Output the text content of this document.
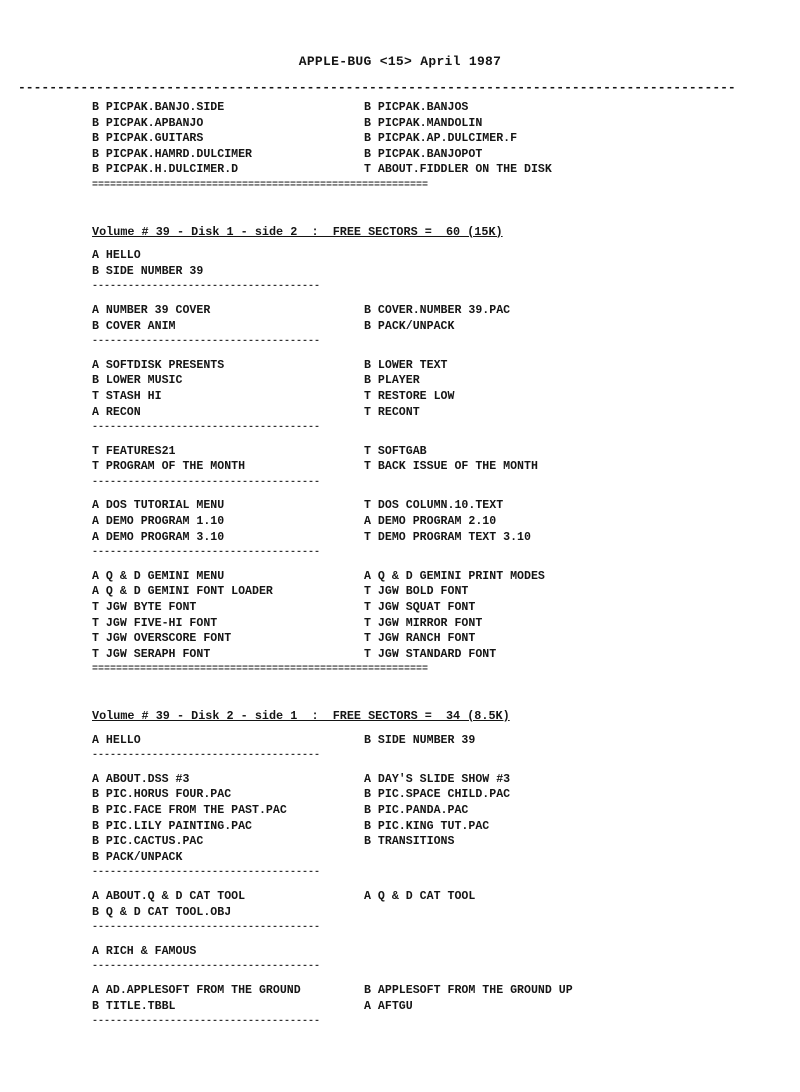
APPLE-BUG <15> April 1987
--------------------------------------------------------------------------------------------
B PICPAK.BANJO.SIDE	B PICPAK.BANJOS
B PICPAK.APBANJO	B PICPAK.MANDOLIN
B PICPAK.GUITARS	B PICPAK.AP.DULCIMER.F
B PICPAK.HAMRD.DULCIMER	B PICPAK.BANJOPOT
B PICPAK.H.DULCIMER.D	T ABOUT.FIDDLER ON THE DISK
========================================================
Volume # 39 - Disk 1 - side 2  :  FREE SECTORS =  60 (15K)
A HELLO
B SIDE NUMBER 39
--------------------------------------
A NUMBER 39 COVER	B COVER.NUMBER 39.PAC
B COVER ANIM	B PACK/UNPACK
--------------------------------------
A SOFTDISK PRESENTS	B LOWER TEXT
B LOWER MUSIC	B PLAYER
T STASH HI	T RESTORE LOW
A RECON	T RECONT
--------------------------------------
T FEATURES21	T SOFTGAB
T PROGRAM OF THE MONTH	T BACK ISSUE OF THE MONTH
--------------------------------------
A DOS TUTORIAL MENU	T DOS COLUMN.10.TEXT
A DEMO PROGRAM 1.10	A DEMO PROGRAM 2.10
A DEMO PROGRAM 3.10	T DEMO PROGRAM TEXT 3.10
--------------------------------------
A Q & D GEMINI MENU	A Q & D GEMINI PRINT MODES
A Q & D GEMINI FONT LOADER	T JGW BOLD FONT
T JGW BYTE FONT	T JGW SQUAT FONT
T JGW FIVE-HI FONT	T JGW MIRROR FONT
T JGW OVERSCORE FONT	T JGW RANCH FONT
T JGW SERAPH FONT	T JGW STANDARD FONT
========================================================
Volume # 39 - Disk 2 - side 1  :  FREE SECTORS =  34 (8.5K)
A HELLO	B SIDE NUMBER 39
--------------------------------------
A ABOUT.DSS #3	A DAY'S SLIDE SHOW #3
B PIC.HORUS FOUR.PAC	B PIC.SPACE CHILD.PAC
B PIC.FACE FROM THE PAST.PAC	B PIC.PANDA.PAC
B PIC.LILY PAINTING.PAC	B PIC.KING TUT.PAC
B PIC.CACTUS.PAC	B TRANSITIONS
B PACK/UNPACK
--------------------------------------
A ABOUT.Q & D CAT TOOL	A Q & D CAT TOOL
B Q & D CAT TOOL.OBJ
--------------------------------------
A RICH & FAMOUS
--------------------------------------
A AD.APPLESOFT FROM THE GROUND	B APPLESOFT FROM THE GROUND UP
B TITLE.TBBL	A AFTGU
--------------------------------------
